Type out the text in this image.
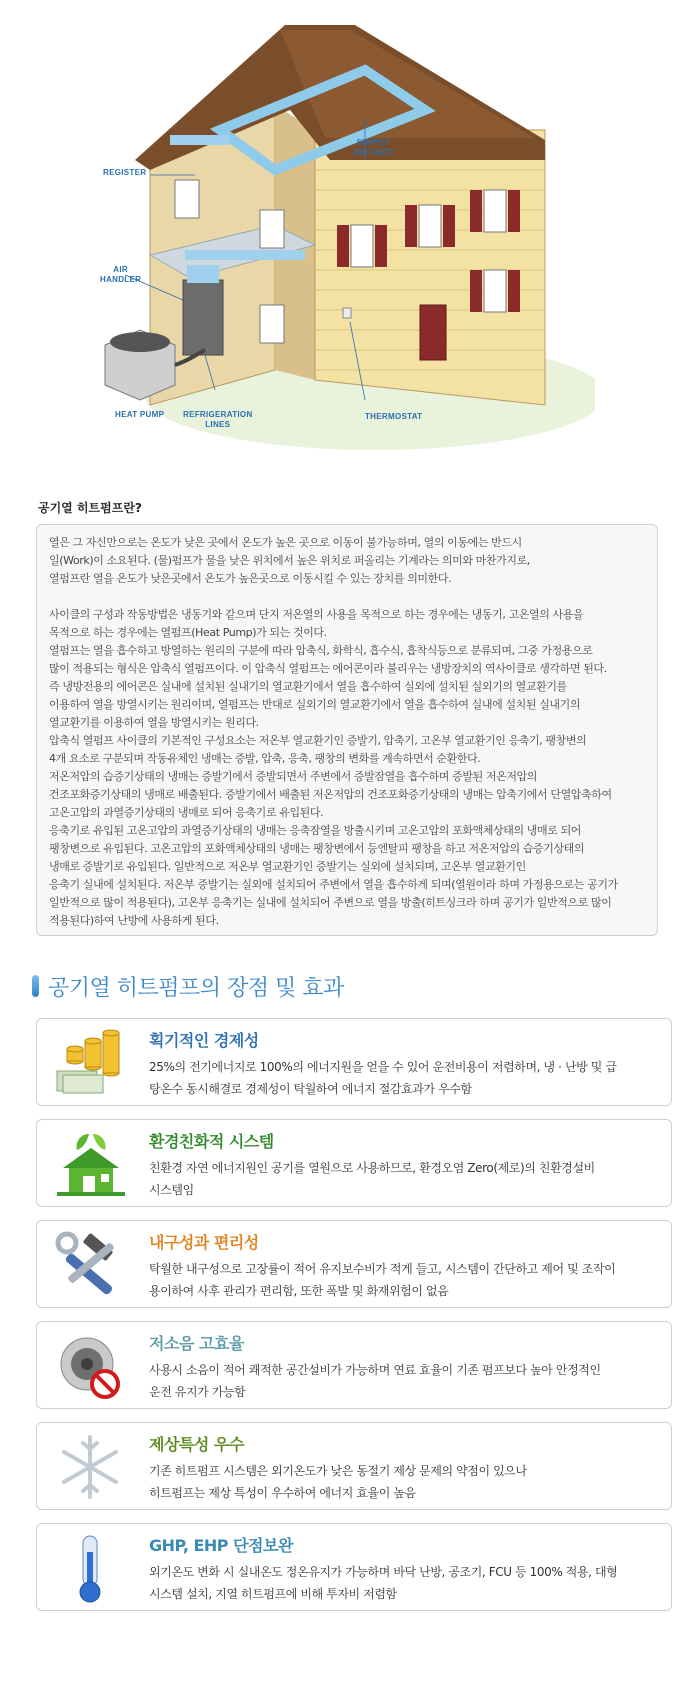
REGISTER
SUPPLY
AIR DUCT
AIR
HANDLER
HEAT PUMP REFRIGERATION
LINES
THERMOSTAT
공기열 히트펌프란?

열은 그 자신만으로는 온도가 낮은 곳에서 온도가 높은 곳으로 이동이 불가능하며, 열의 이동에는 반드시

일(Work)이 소요된다. (물)펌프가 물을 낮은 위치에서 높은 위치로 퍼올리는 기계라는 의미와 마찬가지로,

열펌프란 열을 온도가 낮은곳에서 온도가 높은곳으로 이동시킬 수 있는 장치를 의미한다.

사이클의 구성과 작동방법은 냉동기와 같으며 단지 저온열의 사용을 목적으로 하는 경우에는 냉동기, 고온열의 사용을

목적으로 하는 경우에는 열펌프(Heat Pump)가 되는 것이다.

열펌프는 열을 흡수하고 방열하는 원리의 구분에 따라 압축식, 화학식, 흡수식, 흡착식등으로 분류되며, 그중 가정용으로

많이 적용되는 형식은 압축식 열펌프이다. 이 압축식 열펌프는 에어콘이라 불리우는 냉방장치의 역사이클로 생각하면 된다.

즉 냉방전용의 에어콘은 실내에 설치된 실내기의 열교환기에서 열을 흡수하여 실외에 설치된 실외기의 열교환기를

이용하여 열을 방열시키는 원리이며, 열펌프는 반대로 실외기의 열교환기에서 열을 흡수하여 실내에 설치된 실내기의

열교환기를 이용하여 열을 방열시키는 원리다.

압축식 열펌프 사이클의 기본적인 구성요소는 저온부 열교환기인 증발기, 압축기, 고온부 열교환기인 응축기, 팽창변의

4개 요소로 구분되며 작동유체인 냉매는 증발, 압축, 응축, 팽창의 변화를 계속하면서 순환한다.

저온저압의 습증기상태의 냉매는 증발기에서 증발되면서 주변에서 증발잠열을 흡수하며 증발된 저온저압의

건조포화증기상태의 냉매로 배출된다. 증발기에서 배출된 저온저압의 건조포화증기상태의 냉매는 압축기에서 단열압축하여

고온고압의 과열증기상태의 냉매로 되어 응축기로 유입된다.

응축기로 유입된 고온고압의 과열증기상태의 냉매는 응축잠열을 방출시키며 고온고압의 포화액체상태의 냉매로 되어

팽창변으로 유입된다. 고온고압의 포화액체상태의 냉매는 팽창변에서 등엔탈피 팽창을 하고 저온저압의 습증기상태의

냉매로 증발기로 유입된다. 일반적으로 저온부 열교환기인 증발기는 실외에 설치되며, 고온부 열교환기인

응축기 실내에 설치된다. 저온부 증발기는 실외에 설치되어 주변에서 열을 흡수하게 되며(열원이라 하며 가정용으로는 공기가

일반적으로 많이 적용된다), 고온부 응축기는 실내에 설치되어 주변으로 열을 방출(히트싱크라 하며 공기가 일반적으로 많이

적용된다)하여 난방에 사용하게 된다.

공기열 히트펌프의 장점 및 효과
획기적인 경제성
25%의 전기에너지로 100%의 에너지원을 얻을 수 있어 운전비용이 저렴하며, 냉 · 난방 및 급
탕온수 동시해결로 경제성이 탁월하여 에너지 절감효과가 우수함
환경친화적 시스템
친환경 자연 에너지원인 공기를 열원으로 사용하므로, 환경오염 Zero(제로)의 친환경설비
시스템임
내구성과 편리성
탁월한 내구성으로 고장률이 적어 유지보수비가 적게 들고, 시스템이 간단하고 제어 및 조작이
용이하여 사후 관리가 편리함, 또한 폭발 및 화재위험이 없음
저소음 고효율
사용시 소음이 적어 쾌적한 공간설비가 가능하며 연료 효율이 기존 펌프보다 높아 안정적인
운전 유지가 가능함
제상특성 우수
기존 히트펌프 시스템은 외기온도가 낮은 동절기 제상 문제의 약점이 있으나
히트펌프는 제상 특성이 우수하여 에너지 효율이 높음
GHP, EHP 단점보완
외기온도 변화 시 실내온도 정온유지가 가능하며 바닥 난방, 공조기, FCU 등 100% 적용, 대형
시스템 설치, 지열 히트펌프에 비해 투자비 저렴함
